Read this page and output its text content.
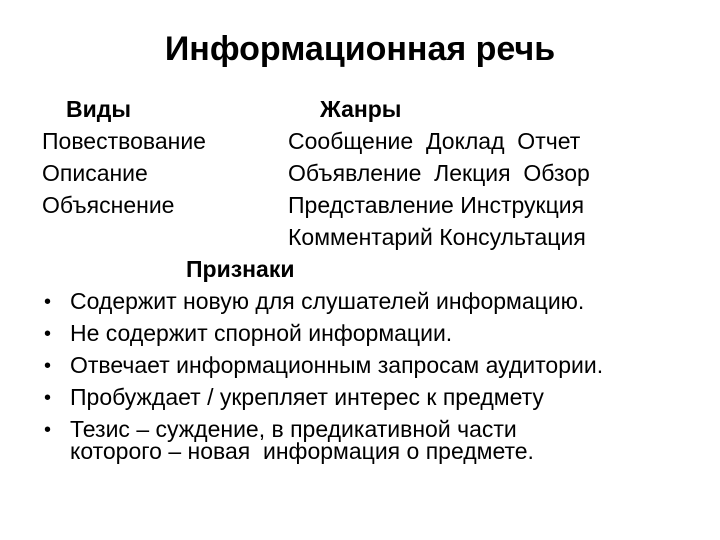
Информационная речь
Виды
Повествование
Описание
Объяснение
Жанры
Сообщение  Доклад  Отчет
Объявление  Лекция  Обзор
Представление Инструкция
Комментарий Консультация
Признаки
• Содержит новую для слушателей информацию.
• Не содержит спорной информации.
• Отвечает информационным запросам аудитории.
• Пробуждает / укрепляет интерес к предмету
• Тезис – суждение, в предикативной части
которого – новая  информация о предмете.
